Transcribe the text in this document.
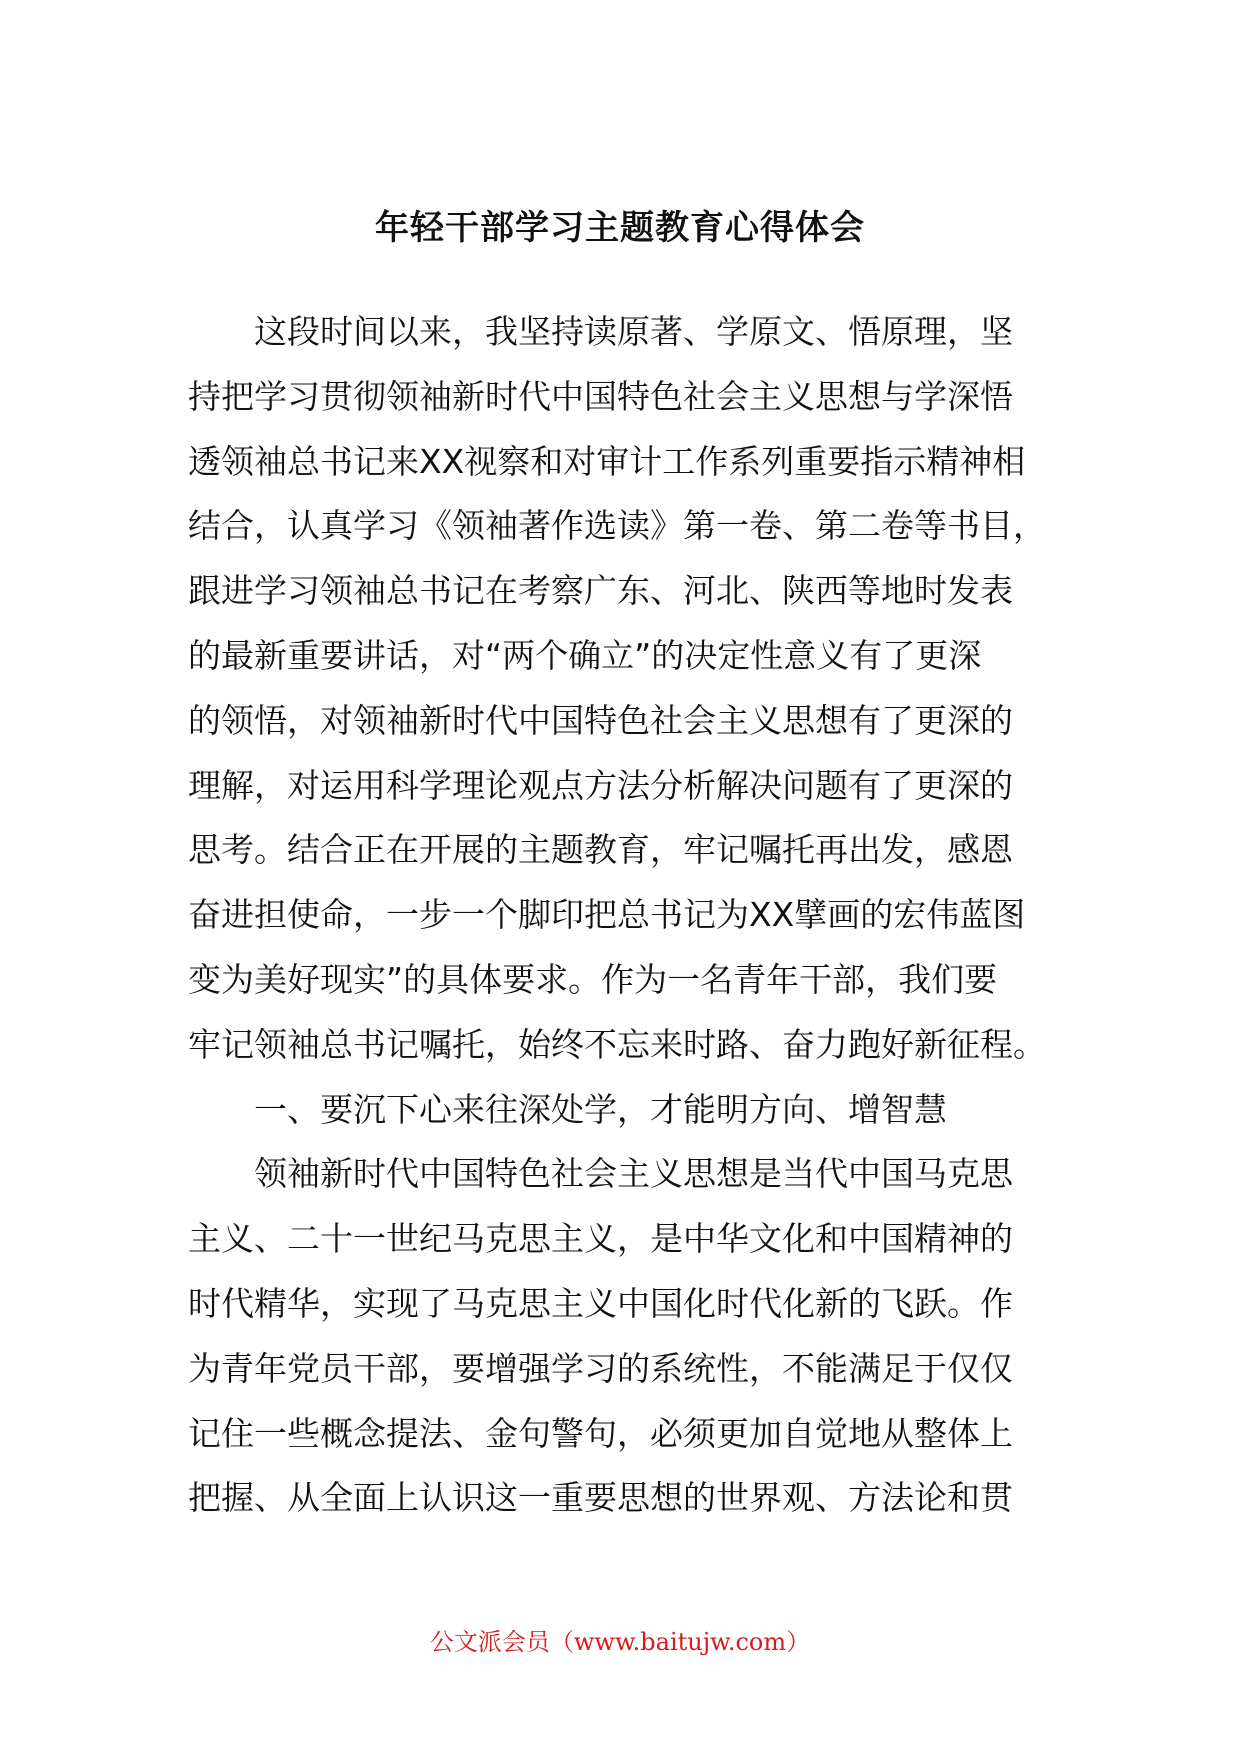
年轻干部学习主题教育心得体会
　　这段时间以来，我坚持读原著、学原文、悟原理，坚
持把学习贯彻领袖新时代中国特色社会主义思想与学深悟
透领袖总书记来XX视察和对审计工作系列重要指示精神相
结合，认真学习《领袖著作选读》第一卷、第二卷等书目，
跟进学习领袖总书记在考察广东、河北、陕西等地时发表
的最新重要讲话，对“两个确立”的决定性意义有了更深
的领悟，对领袖新时代中国特色社会主义思想有了更深的
理解，对运用科学理论观点方法分析解决问题有了更深的
思考。结合正在开展的主题教育，牢记嘱托再出发，感恩
奋进担使命，一步一个脚印把总书记为XX擘画的宏伟蓝图
变为美好现实”的具体要求。作为一名青年干部，我们要
牢记领袖总书记嘱托，始终不忘来时路、奋力跑好新征程。
　　一、要沉下心来往深处学，才能明方向、增智慧
　　领袖新时代中国特色社会主义思想是当代中国马克思
主义、二十一世纪马克思主义，是中华文化和中国精神的
时代精华，实现了马克思主义中国化时代化新的飞跃。作
为青年党员干部，要增强学习的系统性，不能满足于仅仅
记住一些概念提法、金句警句，必须更加自觉地从整体上
把握、从全面上认识这一重要思想的世界观、方法论和贯
公文派会员（www.baitujw.com）
